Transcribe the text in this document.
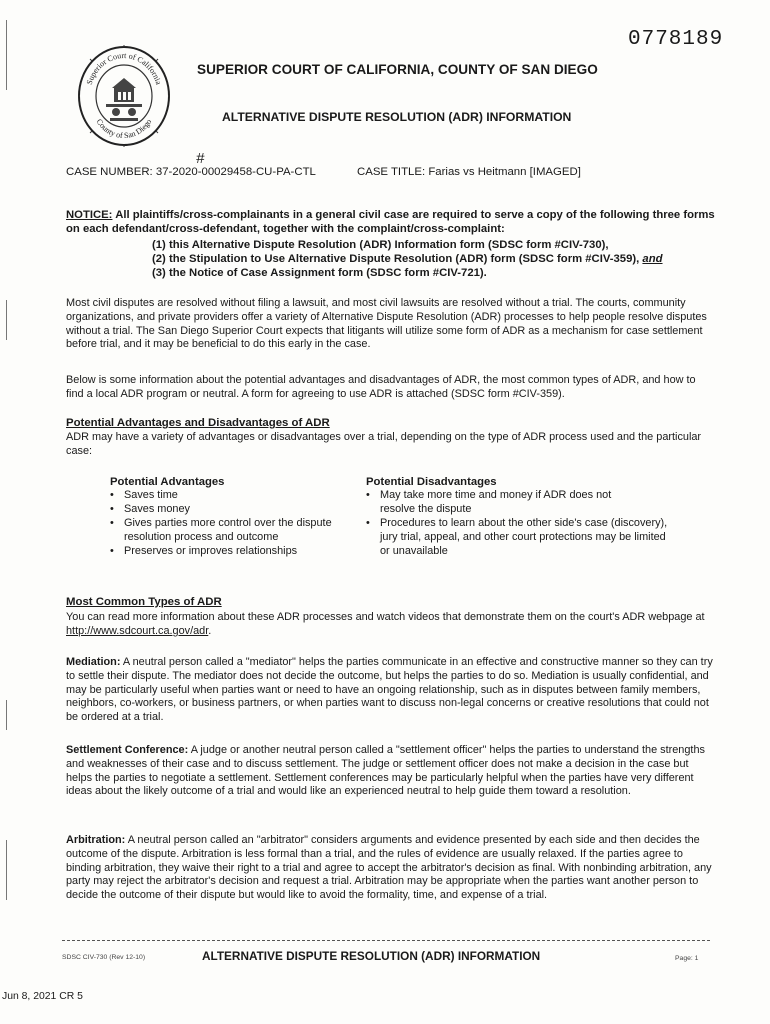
0778189
Superior Court of California
County of San Diego
SUPERIOR COURT OF CALIFORNIA, COUNTY OF SAN DIEGO
ALTERNATIVE DISPUTE RESOLUTION (ADR) INFORMATION
#
CASE NUMBER: 37-2020-00029458-CU-PA-CTL	CASE TITLE: Farias vs Heitmann [IMAGED]
NOTICE: All plaintiffs/cross-complainants in a general civil case are required to serve a copy of the following three forms on each defendant/cross-defendant, together with the complaint/cross-complaint:
(1) this Alternative Dispute Resolution (ADR) Information form (SDSC form #CIV-730),
(2) the Stipulation to Use Alternative Dispute Resolution (ADR) form (SDSC form #CIV-359), and
(3) the Notice of Case Assignment form (SDSC form #CIV-721).
Most civil disputes are resolved without filing a lawsuit, and most civil lawsuits are resolved without a trial. The courts, community organizations, and private providers offer a variety of Alternative Dispute Resolution (ADR) processes to help people resolve disputes without a trial. The San Diego Superior Court expects that litigants will utilize some form of ADR as a mechanism for case settlement before trial, and it may be beneficial to do this early in the case.
Below is some information about the potential advantages and disadvantages of ADR, the most common types of ADR, and how to find a local ADR program or neutral. A form for agreeing to use ADR is attached (SDSC form #CIV-359).
Potential Advantages and Disadvantages of ADR
ADR may have a variety of advantages or disadvantages over a trial, depending on the type of ADR process used and the particular case:
Potential Advantages
• Saves time
• Saves money
• Gives parties more control over the dispute
resolution process and outcome
• Preserves or improves relationships
Potential Disadvantages
• May take more time and money if ADR does not
resolve the dispute
• Procedures to learn about the other side's case (discovery),
jury trial, appeal, and other court protections may be limited
or unavailable
Most Common Types of ADR
You can read more information about these ADR processes and watch videos that demonstrate them on the court's ADR webpage at http://www.sdcourt.ca.gov/adr.
Mediation: A neutral person called a "mediator" helps the parties communicate in an effective and constructive manner so they can try to settle their dispute. The mediator does not decide the outcome, but helps the parties to do so. Mediation is usually confidential, and may be particularly useful when parties want or need to have an ongoing relationship, such as in disputes between family members, neighbors, co-workers, or business partners, or when parties want to discuss non-legal concerns or creative resolutions that could not be ordered at a trial.
Settlement Conference: A judge or another neutral person called a "settlement officer" helps the parties to understand the strengths and weaknesses of their case and to discuss settlement. The judge or settlement officer does not make a decision in the case but helps the parties to negotiate a settlement. Settlement conferences may be particularly helpful when the parties have very different ideas about the likely outcome of a trial and would like an experienced neutral to help guide them toward a resolution.
Arbitration: A neutral person called an "arbitrator" considers arguments and evidence presented by each side and then decides the outcome of the dispute. Arbitration is less formal than a trial, and the rules of evidence are usually relaxed. If the parties agree to binding arbitration, they waive their right to a trial and agree to accept the arbitrator's decision as final. With nonbinding arbitration, any party may reject the arbitrator's decision and request a trial. Arbitration may be appropriate when the parties want another person to decide the outcome of their dispute but would like to avoid the formality, time, and expense of a trial.
SDSC CIV-730 (Rev 12-10)	ALTERNATIVE DISPUTE RESOLUTION (ADR) INFORMATION	Page: 1
Jun 8, 2021 CR 5
